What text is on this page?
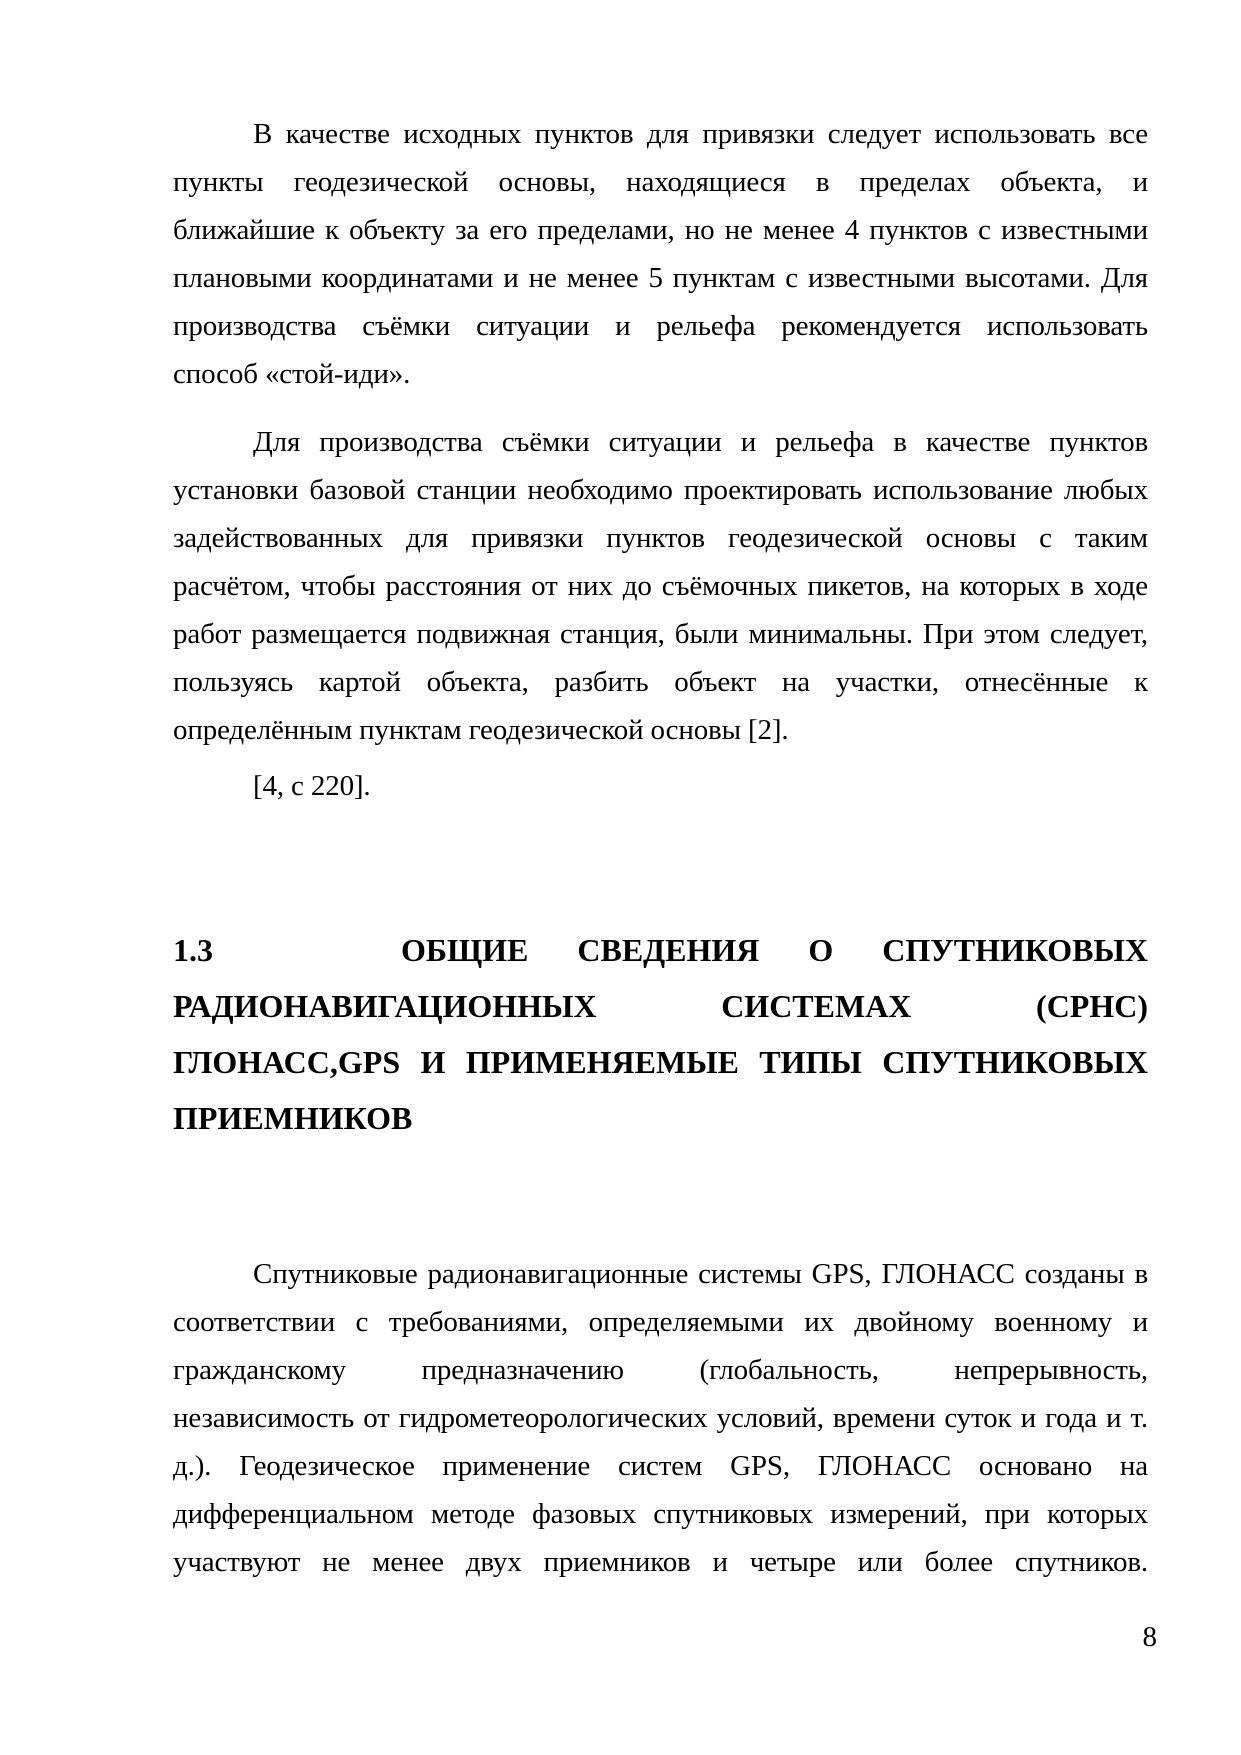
В качестве исходных пунктов для привязки следует использовать все
пункты геодезической основы, находящиеся в пределах объекта, и
ближайшие к объекту за его пределами, но не менее 4 пунктов с известными
плановыми координатами и не менее 5 пунктам с известными высотами. Для
производства съёмки ситуации и рельефа рекомендуется использовать
способ «стой-иди».
Для производства съёмки ситуации и рельефа в качестве пунктов
установки базовой станции необходимо проектировать использование любых
задействованных для привязки пунктов геодезической основы с таким
расчётом, чтобы расстояния от них до съёмочных пикетов, на которых в ходе
работ размещается подвижная станция, были минимальны. При этом следует,
пользуясь картой объекта, разбить объект на участки, отнесённые к
определённым пунктам геодезической основы [2].
[4, с 220].
1.3	ОБЩИЕ СВЕДЕНИЯ О СПУТНИКОВЫХ
РАДИОНАВИГАЦИОННЫХ СИСТЕМАХ (СРНС)
ГЛОНАСС,GPS И ПРИМЕНЯЕМЫЕ ТИПЫ СПУТНИКОВЫХ
ПРИЕМНИКОВ
Спутниковые радионавигационные системы GPS, ГЛОНАСС созданы в
соответствии с требованиями, определяемыми их двойному военному и
гражданскому предназначению (глобальность, непрерывность,
независимость от гидрометеорологических условий, времени суток и года и т.
д.). Геодезическое применение систем GPS, ГЛОНАСС основано на
дифференциальном методе фазовых спутниковых измерений, при которых
участвуют не менее двух приемников и четыре или более спутников.
8
